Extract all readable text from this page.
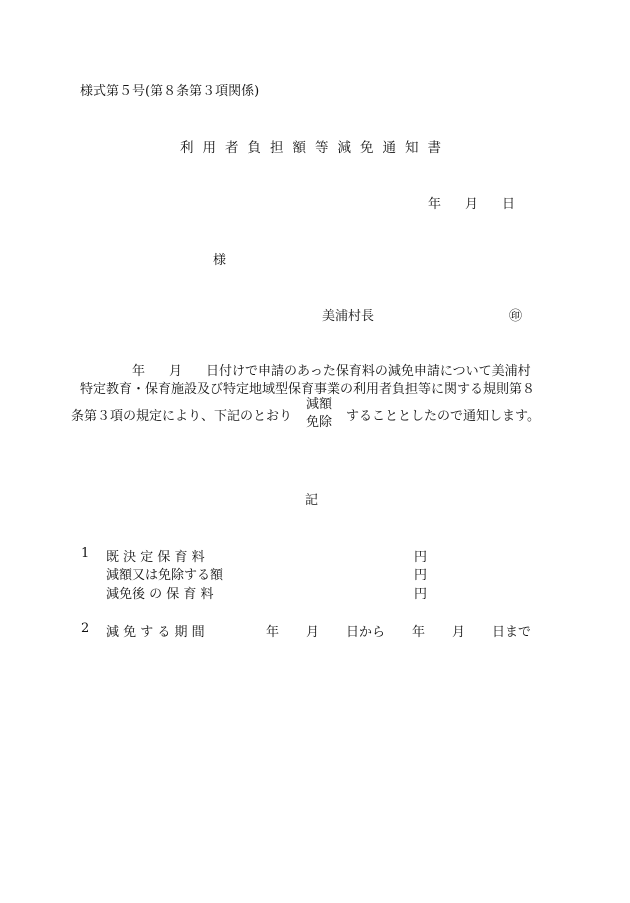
様式第５号(第８条第３項関係)
利用者負担額等減免通知書
年 月 日
様
美浦村長	㊞
年 月 日付けで申請のあった保育料の減免申請について美浦村
特定教育・保育施設及び特定地域型保育事業の利用者負担等に関する規則第８
条第３項の規定により、下記のとおり
減額
免除 することとしたので通知します。
記
1 既 決 定 保 育 料	円
減額又は免除する額	円
減免後 の 保 育 料	円
2 減 免 す る 期 間	年 月 日から 年 月 日まで
